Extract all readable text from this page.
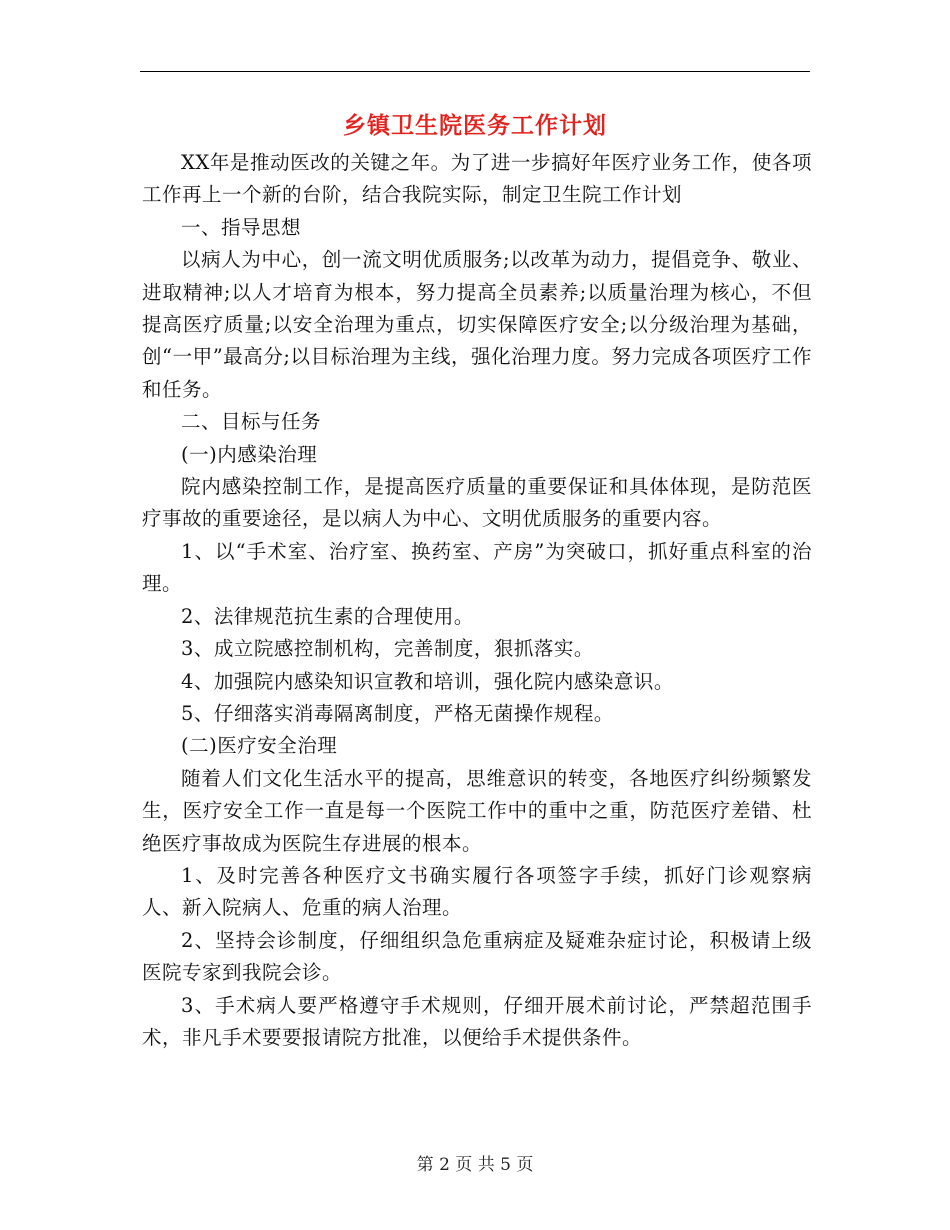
乡镇卫生院医务工作计划

XX年是推动医改的关键之年。为了进一步搞好年医疗业务工作，使各项工作再上一个新的台阶，结合我院实际，制定卫生院工作计划

一、指导思想

以病人为中心，创一流文明优质服务;以改革为动力，提倡竞争、敬业、进取精神;以人才培育为根本，努力提高全员素养;以质量治理为核心，不但提高医疗质量;以安全治理为重点，切实保障医疗安全;以分级治理为基础，创“一甲”最高分;以目标治理为主线，强化治理力度。努力完成各项医疗工作和任务。

二、目标与任务

(一)内感染治理

院内感染控制工作，是提高医疗质量的重要保证和具体体现，是防范医疗事故的重要途径，是以病人为中心、文明优质服务的重要内容。

1、以“手术室、治疗室、换药室、产房”为突破口，抓好重点科室的治理。

2、法律规范抗生素的合理使用。

3、成立院感控制机构，完善制度，狠抓落实。

4、加强院内感染知识宣教和培训，强化院内感染意识。

5、仔细落实消毒隔离制度，严格无菌操作规程。

(二)医疗安全治理

随着人们文化生活水平的提高，思维意识的转变，各地医疗纠纷频繁发生，医疗安全工作一直是每一个医院工作中的重中之重，防范医疗差错、杜绝医疗事故成为医院生存进展的根本。

1、及时完善各种医疗文书确实履行各项签字手续，抓好门诊观察病人、新入院病人、危重的病人治理。

2、坚持会诊制度，仔细组织急危重病症及疑难杂症讨论，积极请上级医院专家到我院会诊。

3、手术病人要严格遵守手术规则，仔细开展术前讨论，严禁超范围手术，非凡手术要要报请院方批准，以便给手术提供条件。

第 2 页 共 5 页
